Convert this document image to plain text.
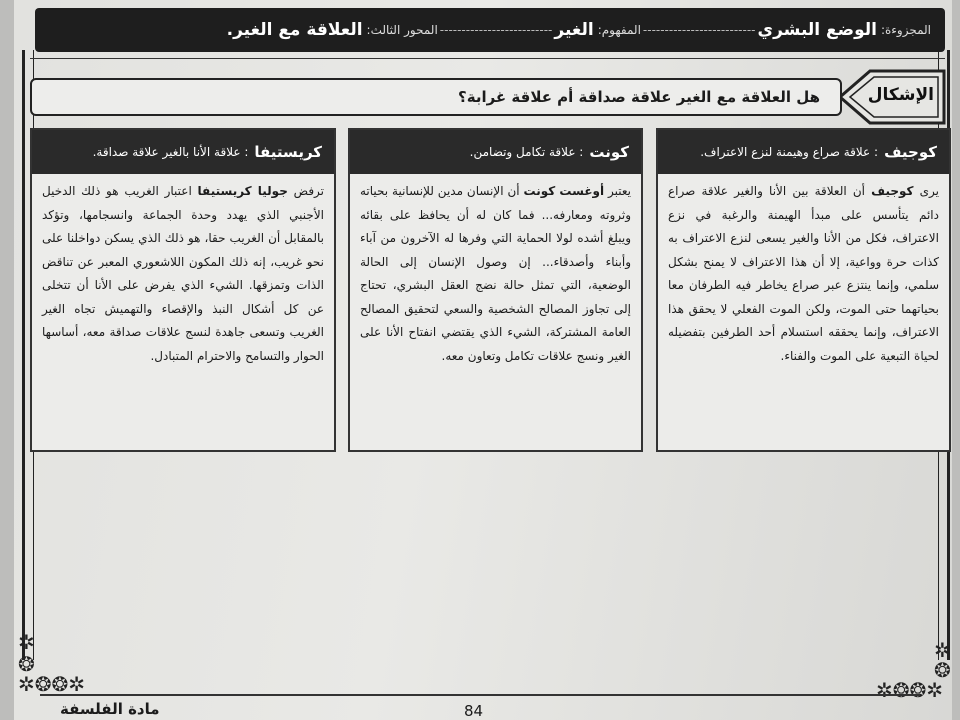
المجزوءة:
الوضع البشري
--------------------------
المفهوم:
الغير
--------------------------
المحور الثالث:
العلاقة مع الغير.
الإشكال
هل العلاقة مع الغير علاقة صداقة أم علاقة غرابة؟
كوجيف
: علاقة صراع وهيمنة لنزع الاعتراف.
يرى كوجيف أن العلاقة بين الأنا والغير علاقة صراع دائم يتأسس على مبدأ الهيمنة والرغبة في نزع الاعتراف، فكل من الأنا والغير يسعى لنزع الاعتراف به كذات حرة وواعية، إلا أن هذا الاعتراف لا يمنح بشكل سلمي، وإنما ينتزع عبر صراع يخاطر فيه الطرفان معا بحياتهما حتى الموت، ولكن الموت الفعلي لا يحقق هذا الاعتراف، وإنما يحققه استسلام أحد الطرفين بتفضيله لحياة التبعية على الموت والفناء.
كونت
: علاقة تكامل وتضامن.
يعتبر أوغست كونت أن الإنسان مدين للإنسانية بحياته وثروته ومعارفه... فما كان له أن يحافظ على بقائه ويبلغ أشده لولا الحماية التي وفرها له الآخرون من آباء وأبناء وأصدقاء... إن وصول الإنسان إلى الحالة الوضعية، التي تمثل حالة نضج العقل البشري، تحتاج إلى تجاوز المصالح الشخصية والسعي لتحقيق المصالح العامة المشتركة، الشيء الذي يقتضي انفتاح الأنا على الغير ونسج علاقات تكامل وتعاون معه.
كريستيفا
: علاقة الأنا بالغير علاقة صداقة.
ترفض جوليا كريستيفا اعتبار الغريب هو ذلك الدخيل الأجنبي الذي يهدد وحدة الجماعة وانسجامها، وتؤكد بالمقابل أن الغريب حقا، هو ذلك الذي يسكن دواخلنا على نحو غريب، إنه ذلك المكون اللاشعوري المعبر عن تناقض الذات وتمزقها. الشيء الذي يفرض على الأنا أن تتخلى عن كل أشكال النبذ والإقصاء والتهميش تجاه الغير الغريب وتسعى جاهدة لنسج علاقات صداقة معه، أساسها الحوار والتسامح والاحترام المتبادل.
✲
❂
✲❂❂✲
✲
❂
✲❂❂✲
مادة الفلسفة	84
